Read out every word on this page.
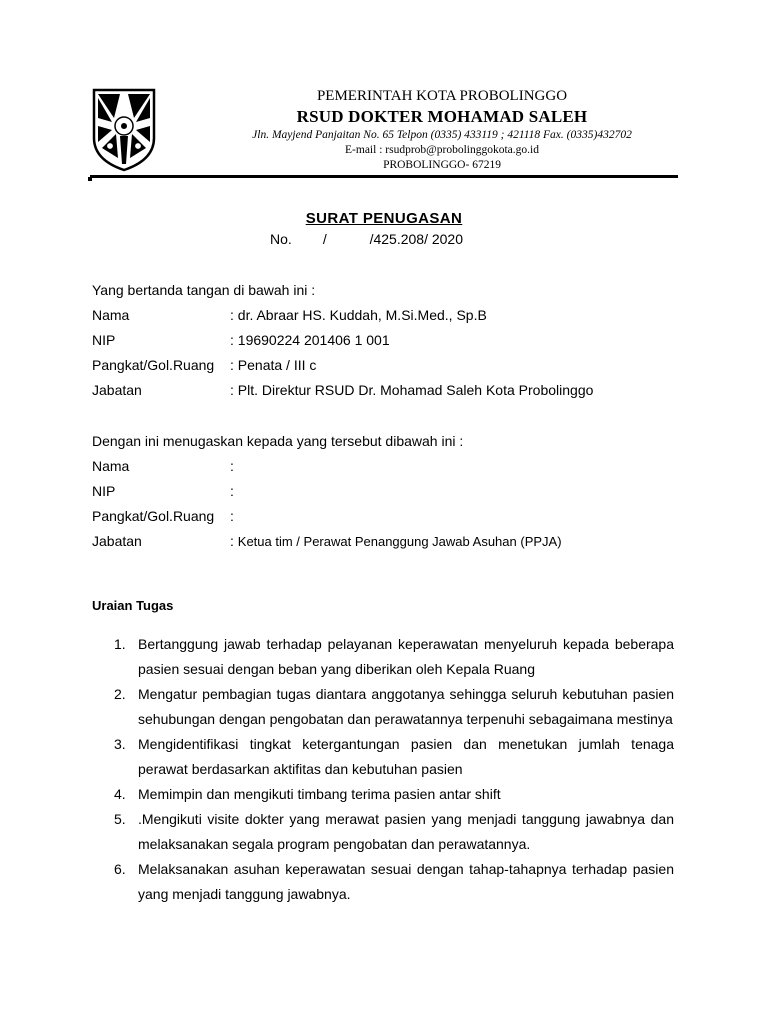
PEMERINTAH KOTA PROBOLINGGO
RSUD DOKTER MOHAMAD SALEH
Jln. Mayjend Panjaitan No. 65 Telpon (0335) 433119 ; 421118 Fax. (0335)432702
E-mail : rsudprob@probolinggokota.go.id
PROBOLINGGO- 67219
SURAT PENUGASAN
No.        /           /425.208/ 2020
Yang bertanda tangan di bawah ini :
Nama	: dr. Abraar HS. Kuddah, M.Si.Med., Sp.B
NIP	: 19690224 201406 1 001
Pangkat/Gol.Ruang : Penata / III c
Jabatan	: Plt. Direktur RSUD Dr. Mohamad Saleh Kota Probolinggo
Dengan ini menugaskan kepada yang tersebut dibawah ini :
Nama	:
NIP	:
Pangkat/Gol.Ruang :
Jabatan	: Ketua tim / Perawat Penanggung Jawab Asuhan (PPJA)
Uraian Tugas
1. Bertanggung jawab terhadap pelayanan keperawatan menyeluruh kepada beberapa pasien sesuai dengan beban yang diberikan oleh Kepala Ruang
2. Mengatur pembagian tugas diantara anggotanya sehingga seluruh kebutuhan pasien sehubungan dengan pengobatan dan perawatannya terpenuhi sebagaimana mestinya
3. Mengidentifikasi tingkat ketergantungan pasien dan menetukan jumlah tenaga perawat berdasarkan aktifitas dan kebutuhan pasien
4. Memimpin dan mengikuti timbang terima pasien antar shift
5. .Mengikuti visite dokter yang merawat pasien yang menjadi tanggung jawabnya dan melaksanakan segala program pengobatan dan perawatannya.
6. Melaksanakan asuhan keperawatan sesuai dengan tahap-tahapnya terhadap pasien yang menjadi tanggung jawabnya.
